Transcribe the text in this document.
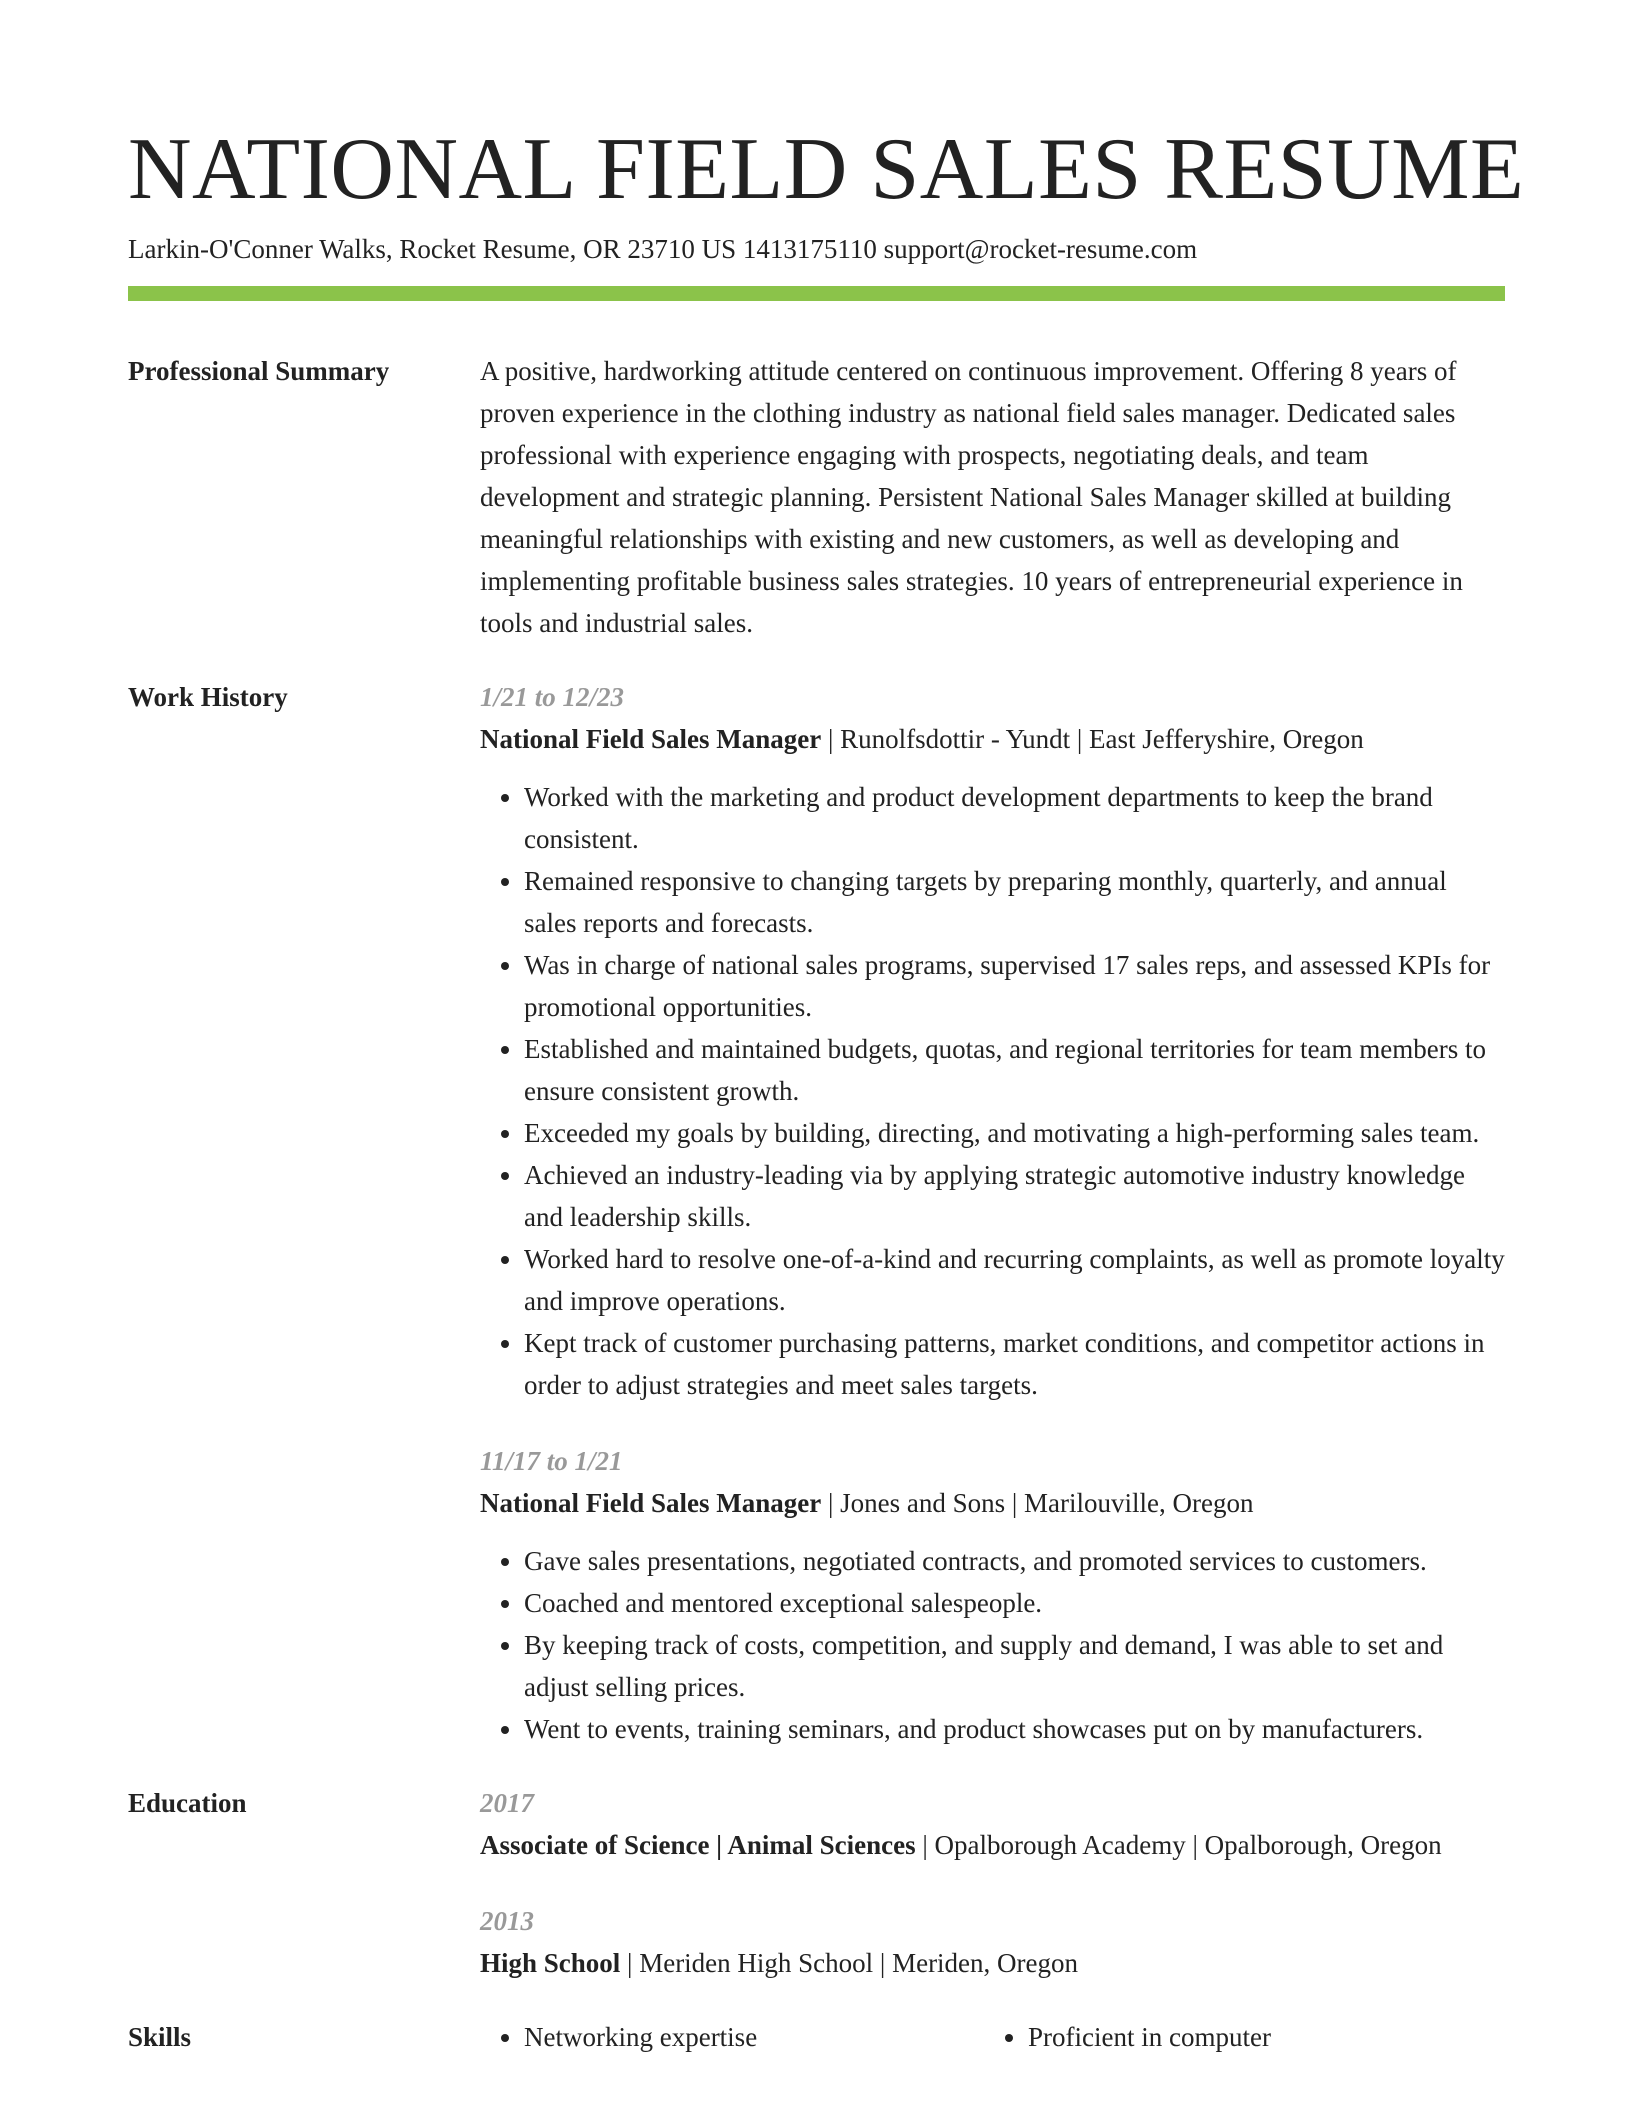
NATIONAL FIELD SALES RESUME
Larkin-O'Conner Walks, Rocket Resume, OR 23710 US 1413175110 support@rocket-resume.com
Professional Summary	A positive, hardworking attitude centered on continuous improvement. Offering 8 years of proven experience in the clothing industry as national field sales manager. Dedicated sales professional with experience engaging with prospects, negotiating deals, and team development and strategic planning. Persistent National Sales Manager skilled at building meaningful relationships with existing and new customers, as well as developing and implementing profitable business sales strategies. 10 years of entrepreneurial experience in tools and industrial sales.

Work History	1/21 to 12/23
National Field Sales Manager | Runolfsdottir - Yundt | East Jefferyshire, Oregon
• Worked with the marketing and product development departments to keep the brand consistent.
• Remained responsive to changing targets by preparing monthly, quarterly, and annual sales reports and forecasts.
• Was in charge of national sales programs, supervised 17 sales reps, and assessed KPIs for promotional opportunities.
• Established and maintained budgets, quotas, and regional territories for team members to ensure consistent growth.
• Exceeded my goals by building, directing, and motivating a high-performing sales team.
• Achieved an industry-leading via by applying strategic automotive industry knowledge and leadership skills.
• Worked hard to resolve one-of-a-kind and recurring complaints, as well as promote loyalty and improve operations.
• Kept track of customer purchasing patterns, market conditions, and competitor actions in order to adjust strategies and meet sales targets.
11/17 to 1/21
National Field Sales Manager | Jones and Sons | Marilouville, Oregon
• Gave sales presentations, negotiated contracts, and promoted services to customers.
• Coached and mentored exceptional salespeople.
• By keeping track of costs, competition, and supply and demand, I was able to set and adjust selling prices.
• Went to events, training seminars, and product showcases put on by manufacturers.
Education	2017
Associate of Science | Animal Sciences | Opalborough Academy | Opalborough, Oregon
2013
High School | Meriden High School | Meriden, Oregon
Skills	• Networking expertise	• Proficient in computer
